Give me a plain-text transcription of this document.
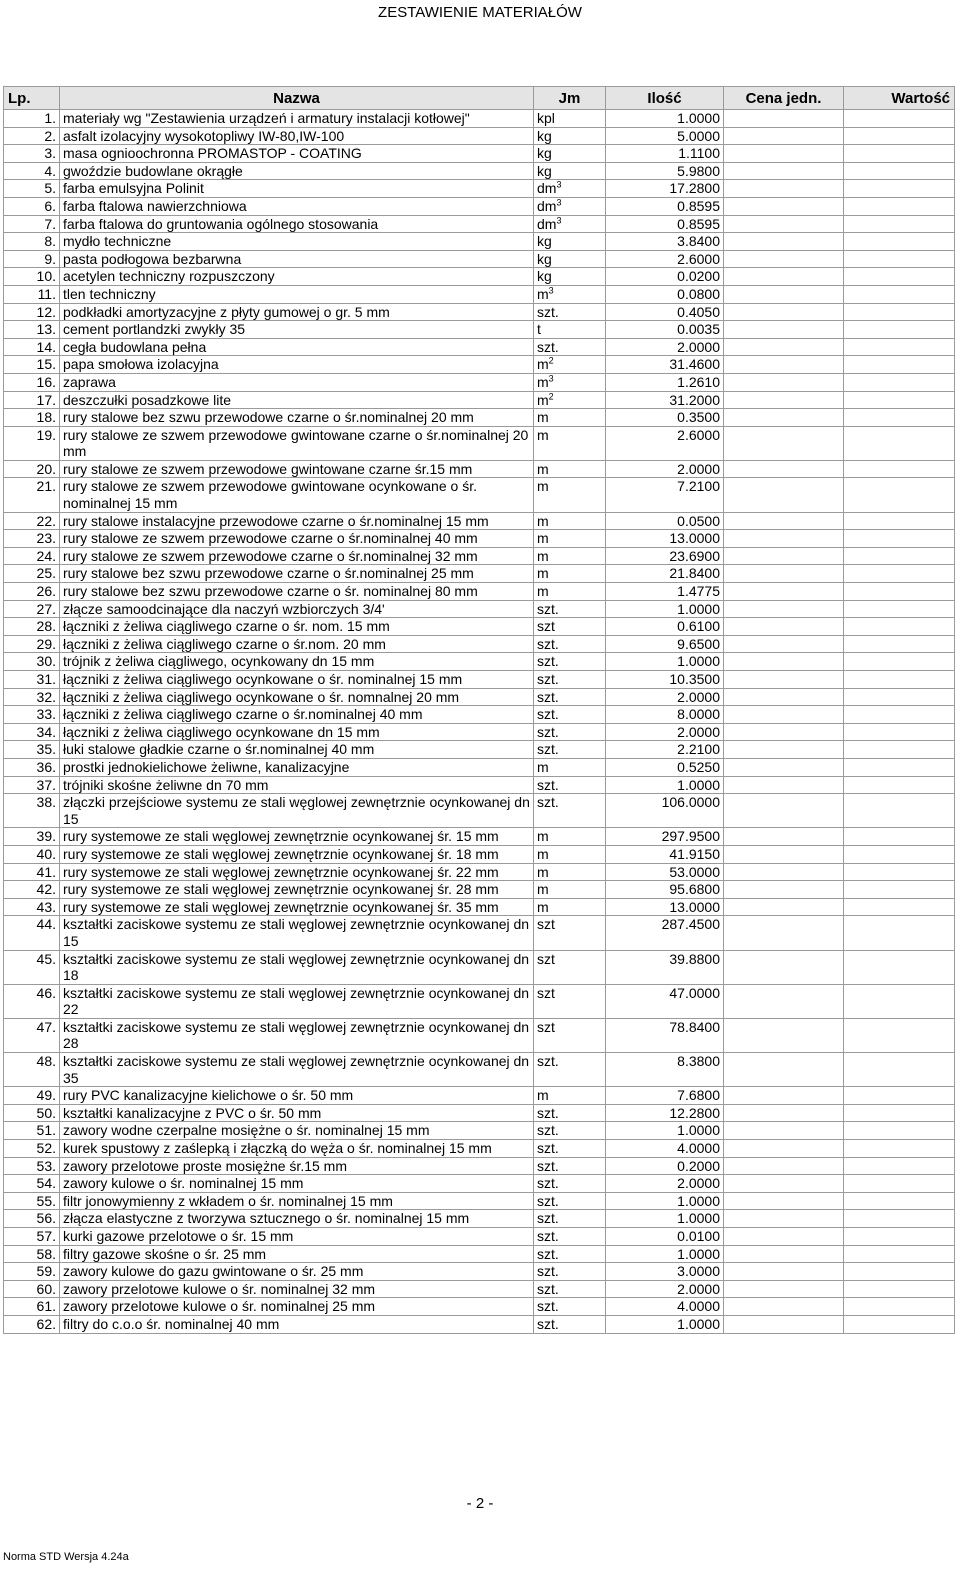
ZESTAWIENIE MATERIAŁÓW
Lp.	Nazwa	Jm	Ilość	Cena jedn.	Wartość
1.	materiały wg "Zestawienia urządzeń i armatury instalacji kotłowej"	kpl	1.0000		
2.	asfalt izolacyjny wysokotopliwy IW-80,IW-100	kg	5.0000		
3.	masa ognioochronna PROMASTOP - COATING	kg	1.1100		
4.	gwoździe budowlane okrągłe	kg	5.9800		
5.	farba emulsyjna Polinit	$dm^3$	17.2800		
6.	farba ftalowa nawierzchniowa	$dm^3$	0.8595		
7.	farba ftalowa do gruntowania ogólnego stosowania	$dm^3$	0.8595		
8.	mydło techniczne	kg	3.8400		
9.	pasta podłogowa bezbarwna	kg	2.6000		
10.	acetylen techniczny rozpuszczony	kg	0.0200		
11.	tlen techniczny	$m^3$	0.0800		
12.	podkładki amortyzacyjne z płyty gumowej o gr. 5 mm	szt.	0.4050		
13.	cement portlandzki zwykły 35	t	0.0035		
14.	cegła budowlana pełna	szt.	2.0000		
15.	papa smołowa izolacyjna	$m^2$	31.4600		
16.	zaprawa	$m^3$	1.2610		
17.	deszczułki posadzkowe lite	$m^2$	31.2000		
18.	rury stalowe bez szwu przewodowe czarne o śr.nominalnej 20 mm	m	0.3500		
19.	rury stalowe ze szwem przewodowe gwintowane czarne o śr.nominalnej 20 mm	m	2.6000		
20.	rury stalowe ze szwem przewodowe gwintowane czarne śr.15 mm	m	2.0000		
21.	rury stalowe ze szwem przewodowe gwintowane ocynkowane o śr. nominalnej 15 mm	m	7.2100		
22.	rury stalowe instalacyjne przewodowe czarne o śr.nominalnej 15 mm	m	0.0500		
23.	rury stalowe ze szwem przewodowe czarne o śr.nominalnej 40 mm	m	13.0000		
24.	rury stalowe ze szwem przewodowe czarne o śr.nominalnej 32 mm	m	23.6900		
25.	rury stalowe bez szwu przewodowe czarne o śr.nominalnej 25 mm	m	21.8400		
26.	rury stalowe bez szwu przewodowe czarne o śr. nominalnej 80 mm	m	1.4775		
27.	złącze samoodcinające dla naczyń wzbiorczych 3/4'	szt.	1.0000		
28.	łączniki z żeliwa ciągliwego czarne o śr. nom. 15 mm	szt	0.6100		
29.	łączniki z żeliwa ciągliwego czarne o śr.nom. 20 mm	szt.	9.6500		
30.	trójnik z żeliwa ciągliwego, ocynkowany dn 15 mm	szt.	1.0000		
31.	łączniki z żeliwa ciągliwego ocynkowane o śr. nominalnej 15 mm	szt.	10.3500		
32.	łączniki z żeliwa ciągliwego ocynkowane o śr. nomnalnej 20 mm	szt.	2.0000		
33.	łączniki z żeliwa ciągliwego czarne o śr.nominalnej 40 mm	szt.	8.0000		
34.	łączniki z żeliwa ciągliwego ocynkowane dn 15 mm	szt.	2.0000		
35.	łuki stalowe gładkie czarne o śr.nominalnej 40 mm	szt.	2.2100		
36.	prostki jednokielichowe żeliwne, kanalizacyjne	m	0.5250		
37.	trójniki skośne żeliwne dn 70 mm	szt.	1.0000		
38.	złączki przejściowe systemu ze stali węglowej zewnętrznie ocynkowanej dn 15	szt.	106.0000		
39.	rury systemowe ze stali węglowej zewnętrznie ocynkowanej śr. 15 mm	m	297.9500		
40.	rury systemowe ze stali węglowej zewnętrznie ocynkowanej śr. 18 mm	m	41.9150		
41.	rury systemowe ze stali węglowej zewnętrznie ocynkowanej śr. 22 mm	m	53.0000		
42.	rury systemowe ze stali węglowej zewnętrznie ocynkowanej śr. 28 mm	m	95.6800		
43.	rury systemowe ze stali węglowej zewnętrznie ocynkowanej śr. 35 mm	m	13.0000		
44.	kształtki zaciskowe systemu ze stali węglowej zewnętrznie ocynkowanej dn 15	szt	287.4500		
45.	kształtki zaciskowe systemu ze stali węglowej zewnętrznie ocynkowanej dn 18	szt	39.8800		
46.	kształtki zaciskowe systemu ze stali węglowej zewnętrznie ocynkowanej dn 22	szt	47.0000		
47.	kształtki zaciskowe systemu ze stali węglowej zewnętrznie ocynkowanej dn 28	szt	78.8400		
48.	kształtki zaciskowe systemu ze stali węglowej zewnętrznie ocynkowanej dn 35	szt.	8.3800		
49.	rury PVC kanalizacyjne kielichowe o śr. 50 mm	m	7.6800		
50.	kształtki kanalizacyjne z PVC o śr. 50 mm	szt.	12.2800		
51.	zawory wodne czerpalne mosiężne o śr. nominalnej 15 mm	szt.	1.0000		
52.	kurek spustowy z zaślepką i złączką do węża o śr. nominalnej 15 mm	szt.	4.0000		
53.	zawory przelotowe proste mosiężne śr.15 mm	szt.	0.2000		
54.	zawory kulowe o śr. nominalnej 15 mm	szt.	2.0000		
55.	filtr jonowymienny z wkładem o śr. nominalnej 15 mm	szt.	1.0000		
56.	złącza elastyczne z tworzywa sztucznego o śr. nominalnej 15 mm	szt.	1.0000		
57.	kurki gazowe przelotowe o śr. 15 mm	szt.	0.0100		
58.	filtry gazowe skośne o śr. 25 mm	szt.	1.0000		
59.	zawory kulowe do gazu gwintowane o śr. 25 mm	szt.	3.0000		
60.	zawory przelotowe kulowe o śr. nominalnej 32 mm	szt.	2.0000		
61.	zawory przelotowe kulowe o śr. nominalnej 25 mm	szt.	4.0000		
62.	filtry do c.o.o śr. nominalnej 40 mm	szt.	1.0000		
- 2 -
Norma STD Wersja 4.24a
